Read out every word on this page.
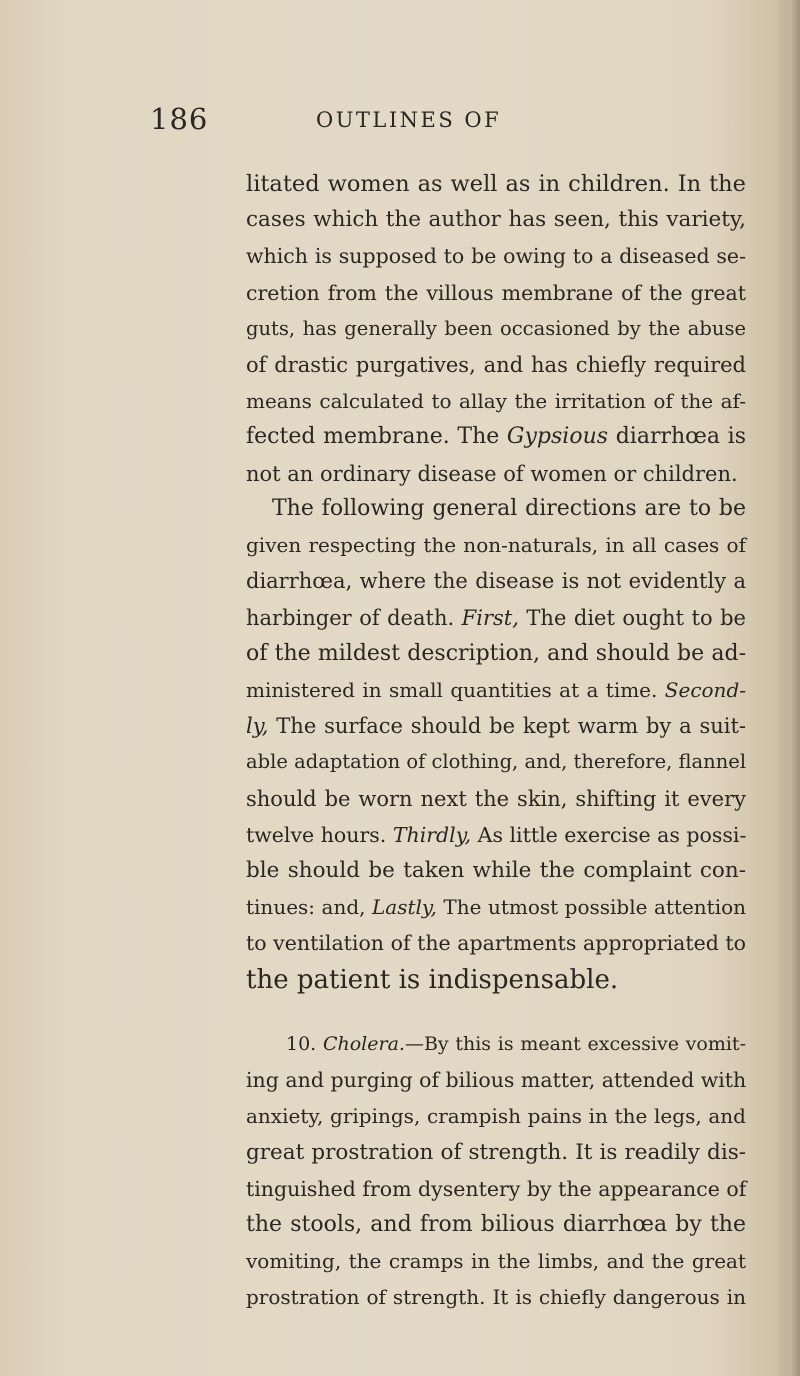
186	OUTLINES OF
litated women as well as in children. In the
cases which the author has seen, this variety,
which is supposed to be owing to a diseased se-
cretion from the villous membrane of the great
guts, has generally been occasioned by the abuse
of drastic purgatives, and has chiefly required
means calculated to allay the irritation of the af-
fected membrane. The Gypsious diarrhœa is
not an ordinary disease of women or children.
The following general directions are to be
given respecting the non-naturals, in all cases of
diarrhœa, where the disease is not evidently a
harbinger of death. First, The diet ought to be
of the mildest description, and should be ad-
ministered in small quantities at a time. Second-
ly, The surface should be kept warm by a suit-
able adaptation of clothing, and, therefore, flannel
should be worn next the skin, shifting it every
twelve hours. Thirdly, As little exercise as possi-
ble should be taken while the complaint con-
tinues: and, Lastly, The utmost possible attention
to ventilation of the apartments appropriated to
the patient is indispensable.
10. Cholera.—By this is meant excessive vomit-
ing and purging of bilious matter, attended with
anxiety, gripings, crampish pains in the legs, and
great prostration of strength. It is readily dis-
tinguished from dysentery by the appearance of
the stools, and from bilious diarrhœa by the
vomiting, the cramps in the limbs, and the great
prostration of strength. It is chiefly dangerous in
